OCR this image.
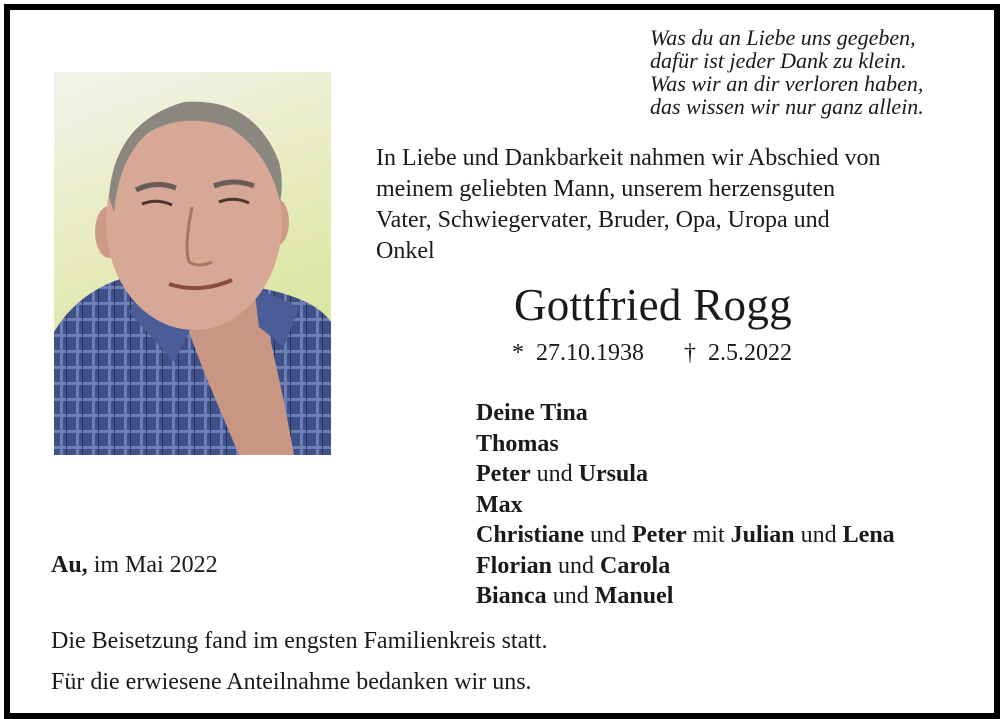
Was du an Liebe uns gegeben,
dafür ist jeder Dank zu klein.
Was wir an dir verloren haben,
das wissen wir nur ganz allein.
In Liebe und Dankbarkeit nahmen wir Abschied von
meinem geliebten Mann, unserem herzensguten
Vater, Schwiegervater, Bruder, Opa, Uropa und
Onkel
Gottfried Rogg
* 27.10.1938 † 2.5.2022
Deine Tina
Thomas
Peter und Ursula
Max
Christiane und Peter mit Julian und Lena
Florian und Carola
Bianca und Manuel
Au, im Mai 2022
Die Beisetzung fand im engsten Familienkreis statt.
Für die erwiesene Anteilnahme bedanken wir uns.
